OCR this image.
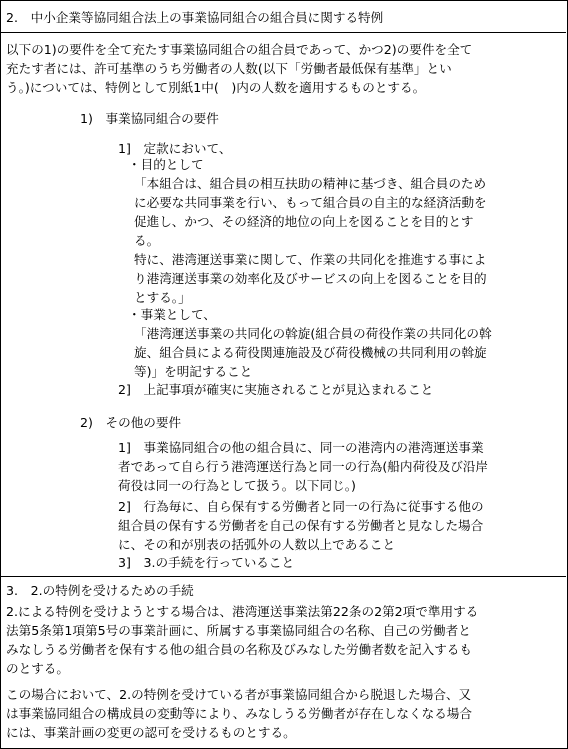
2.　中小企業等協同組合法上の事業協同組合の組合員に関する特例
以下の1)の要件を全て充たす事業協同組合の組合員であって、かつ2)の要件を全て
充たす者には、許可基準のうち労働者の人数(以下「労働者最低保有基準」とい
う。)については、特例として別紙1中(　)内の人数を適用するものとする。
1)　事業協同組合の要件
1]　定款において、
・目的として
「本組合は、組合員の相互扶助の精神に基づき、組合員のため
に必要な共同事業を行い、もって組合員の自主的な経済活動を
促進し、かつ、その経済的地位の向上を図ることを目的とす
る。
特に、港湾運送事業に関して、作業の共同化を推進する事によ
り港湾運送事業の効率化及びサービスの向上を図ることを目的
とする。」
・事業として、
「港湾運送事業の共同化の斡旋(組合員の荷役作業の共同化の斡
旋、組合員による荷役関連施設及び荷役機械の共同利用の斡旋
等)」を明記すること
2]　上記事項が確実に実施されることが見込まれること
2)　その他の要件
1]　事業協同組合の他の組合員に、同一の港湾内の港湾運送事業
者であって自ら行う港湾運送行為と同一の行為(船内荷役及び沿岸
荷役は同一の行為として扱う。以下同じ。)
2]　行為毎に、自ら保有する労働者と同一の行為に従事する他の
組合員の保有する労働者を自己の保有する労働者と見なした場合
に、その和が別表の括弧外の人数以上であること
3]　3.の手続を行っていること
3.　2.の特例を受けるための手続
2.による特例を受けようとする場合は、港湾運送事業法第22条の2第2項で準用する
法第5条第1項第5号の事業計画に、所属する事業協同組合の名称、自己の労働者と
みなしうる労働者を保有する他の組合員の名称及びみなした労働者数を記入するも
のとする。
この場合において、2.の特例を受けている者が事業協同組合から脱退した場合、又
は事業協同組合の構成員の変動等により、みなしうる労働者が存在しなくなる場合
には、事業計画の変更の認可を受けるものとする。
